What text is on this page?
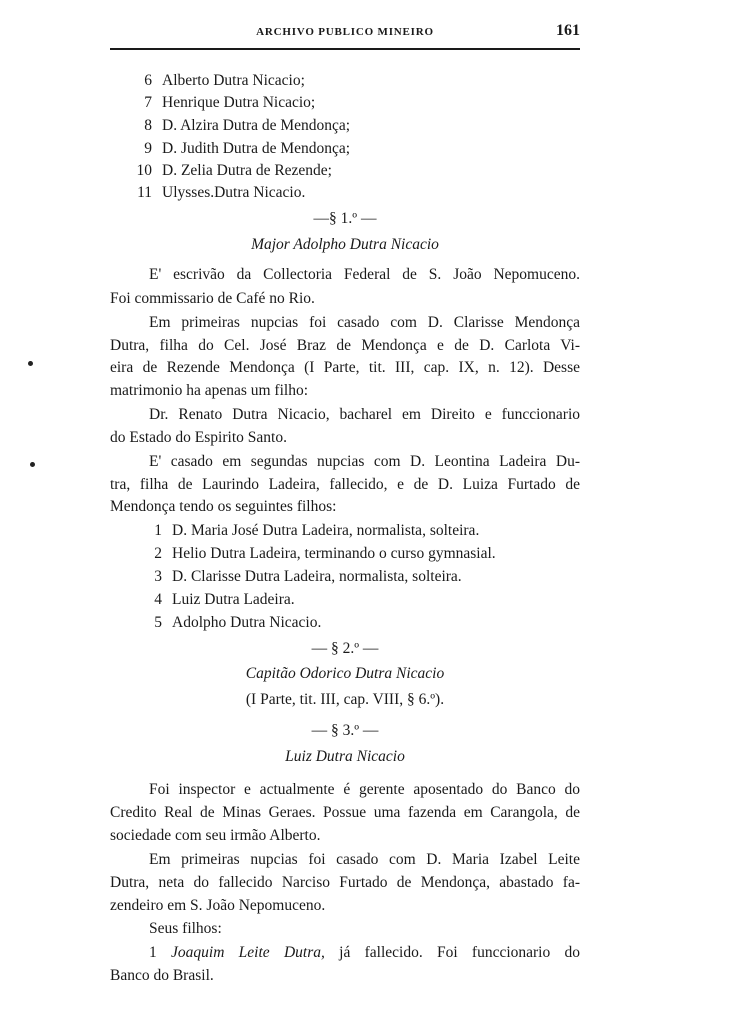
ARCHIVO PUBLICO MINEIRO	161
6 Alberto Dutra Nicacio;
7 Henrique Dutra Nicacio;
8 D. Alzira Dutra de Mendonça;
9 D. Judith Dutra de Mendonça;
10 D. Zelia Dutra de Rezende;
11 Ulysses.Dutra Nicacio.
—§ 1.º —
Major Adolpho Dutra Nicacio
E' escrivão da Collectoria Federal de S. João Nepomuceno.
Foi commissario de Café no Rio.
Em primeiras nupcias foi casado com D. Clarisse Mendonça
Dutra, filha do Cel. José Braz de Mendonça e de D. Carlota Vi-
eira de Rezende Mendonça (I Parte, tit. III, cap. IX, n. 12). Desse
matrimonio ha apenas um filho:
Dr. Renato Dutra Nicacio, bacharel em Direito e funccionario
do Estado do Espirito Santo.
E' casado em segundas nupcias com D. Leontina Ladeira Du-
tra, filha de Laurindo Ladeira, fallecido, e de D. Luiza Furtado de
Mendonça tendo os seguintes filhos:
1 D. Maria José Dutra Ladeira, normalista, solteira.
2 Helio Dutra Ladeira, terminando o curso gymnasial.
3 D. Clarisse Dutra Ladeira, normalista, solteira.
4 Luiz Dutra Ladeira.
5 Adolpho Dutra Nicacio.
— § 2.º —
Capitão Odorico Dutra Nicacio
(I Parte, tit. III, cap. VIII, § 6.º).
— § 3.º —
Luiz Dutra Nicacio
Foi inspector e actualmente é gerente aposentado do Banco do
Credito Real de Minas Geraes. Possue uma fazenda em Carangola, de
sociedade com seu irmão Alberto.
Em primeiras nupcias foi casado com D. Maria Izabel Leite
Dutra, neta do fallecido Narciso Furtado de Mendonça, abastado fa-
zendeiro em S. João Nepomuceno.
Seus filhos:
1 Joaquim Leite Dutra, já fallecido. Foi funccionario do
Banco do Brasil.
